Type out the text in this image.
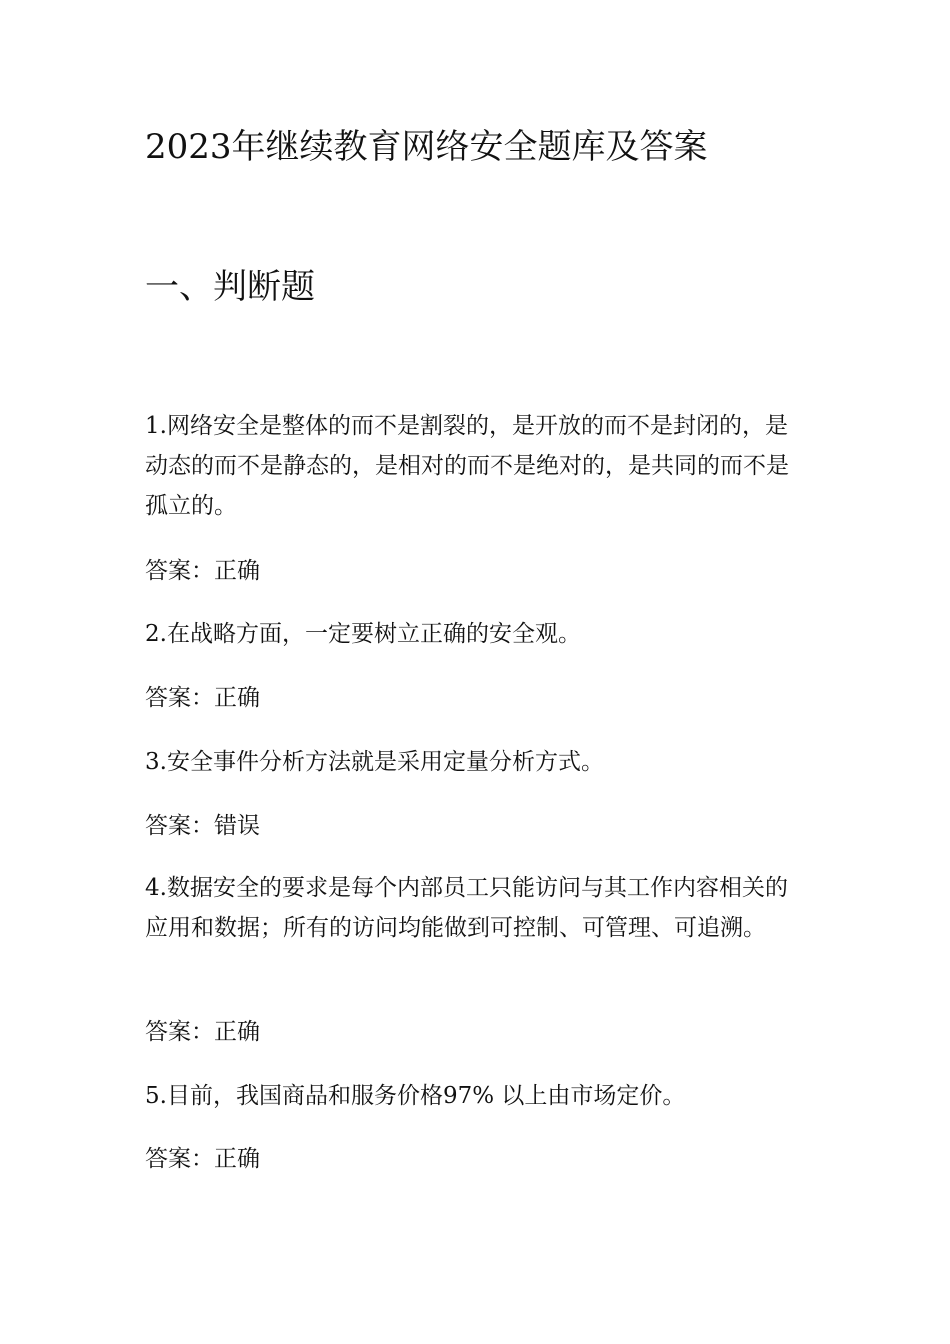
2023年继续教育网络安全题库及答案
一、判断题

1.网络安全是整体的而不是割裂的，是开放的而不是封闭的，是动态的而不是静态的，是相对的而不是绝对的，是共同的而不是孤立的。

答案：正确

2.在战略方面，一定要树立正确的安全观。

答案：正确

3.安全事件分析方法就是采用定量分析方式。

答案：错误

4.数据安全的要求是每个内部员工只能访问与其工作内容相关的应用和数据；所有的访问均能做到可控制、可管理、可追溯。

答案：正确

5.目前，我国商品和服务价格97% 以上由市场定价。

答案：正确
